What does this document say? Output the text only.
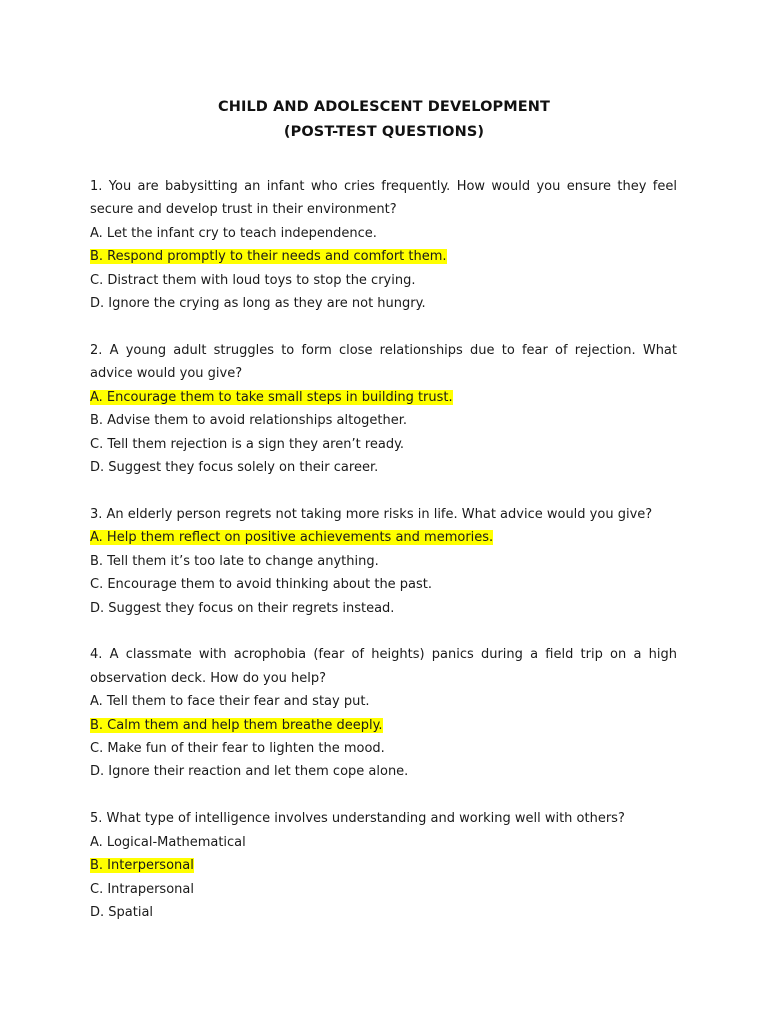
CHILD AND ADOLESCENT DEVELOPMENT
(POST-TEST QUESTIONS)

1. You are babysitting an infant who cries frequently. How would you ensure they feel secure and develop trust in their environment?

A. Let the infant cry to teach independence.

B. Respond promptly to their needs and comfort them.

C. Distract them with loud toys to stop the crying.

D. Ignore the crying as long as they are not hungry.

2. A young adult struggles to form close relationships due to fear of rejection. What advice would you give?

A. Encourage them to take small steps in building trust.

B. Advise them to avoid relationships altogether.

C. Tell them rejection is a sign they aren’t ready.

D. Suggest they focus solely on their career.

3. An elderly person regrets not taking more risks in life. What advice would you give?

A. Help them reflect on positive achievements and memories.

B. Tell them it’s too late to change anything.

C. Encourage them to avoid thinking about the past.

D. Suggest they focus on their regrets instead.

4. A classmate with acrophobia (fear of heights) panics during a field trip on a high observation deck. How do you help?

A. Tell them to face their fear and stay put.

B. Calm them and help them breathe deeply.

C. Make fun of their fear to lighten the mood.

D. Ignore their reaction and let them cope alone.

5. What type of intelligence involves understanding and working well with others?

A. Logical-Mathematical

B. Interpersonal

C. Intrapersonal

D. Spatial
